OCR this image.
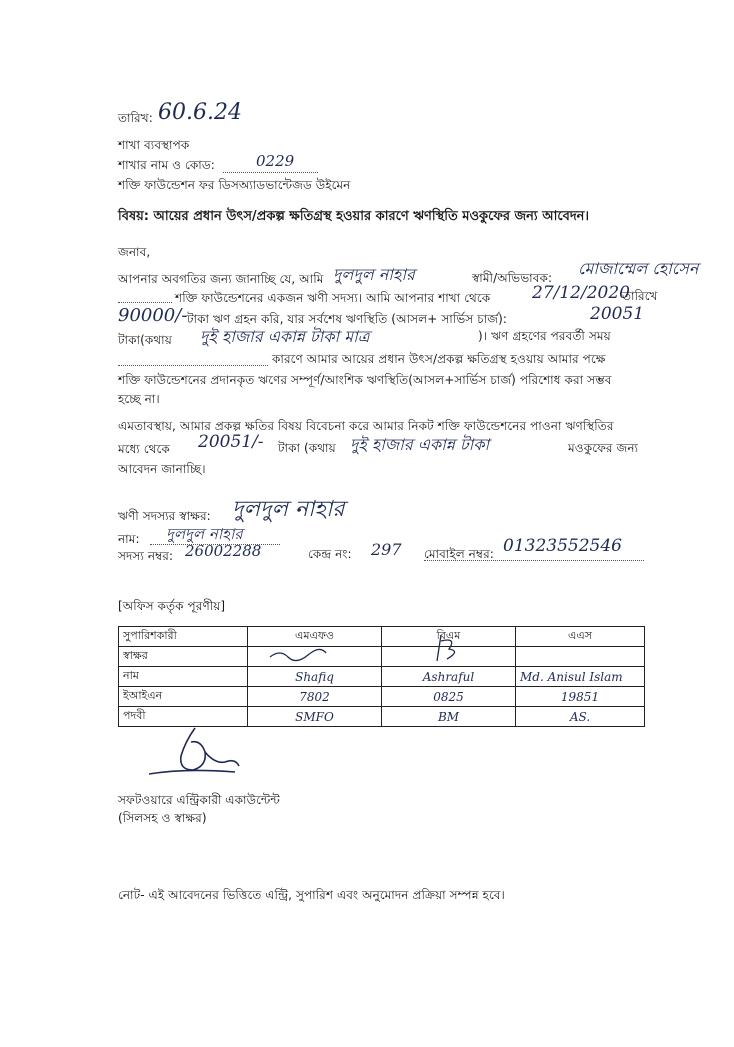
তারিখ: 60.6.24
শাখা ব্যবস্থাপক
শাখার নাম ও কোড:	0229
শক্তি ফাউন্ডেশন ফর ডিসঅ্যাডভান্টেজড উইমেন
বিষয়: আয়ের প্রধান উৎস/প্রকল্প ক্ষতিগ্রস্থ হওয়ার কারণে ঋণস্থিতি মওকুফের জন্য আবেদন।
জনাব,
আপনার অবগতির জন্য জানাচ্ছি যে, আমি দুলদুল নাহার	স্বামী/অভিভাবক: মোজাম্মেল হোসেন
শক্তি ফাউন্ডেশনের একজন ঋণী সদস্য। আমি আপনার শাখা থেকে 27/12/2020
তারিখে
90000/- টাকা ঋণ গ্রহন করি, যার সর্বশেষ ঋণস্থিতি (আসল+ সার্ভিস চার্জ):	20051
টাকা(কথায় দুই হাজার একান্ন টাকা মাত্র	)। ঋণ গ্রহণের পরবর্তী সময়
কারণে আমার আয়ের প্রধান উৎস/প্রকল্প ক্ষতিগ্রস্থ হওয়ায় আমার পক্ষে
শক্তি ফাউন্ডেশনের প্রদানকৃত ঋণের সম্পূর্ণ/আংশিক ঋণস্থিতি(আসল+সার্ভিস চার্জ) পরিশোধ করা সম্ভব
হচ্ছে না।
এমতাবস্থায়, আমার প্রকল্প ক্ষতির বিষয় বিবেচনা করে আমার নিকট শক্তি ফাউন্ডেশনের পাওনা ঋণস্থিতির
মধ্যে থেকে 20051/- টাকা (কথায় দুই হাজার একান্ন টাকা	মওকুফের জন্য
আবেদন জানাচ্ছি।
ঋণী সদস্যর স্বাক্ষর: দুলদুল নাহার
নাম: দুলদুল নাহার
সদস্য নম্বর: 26002288	কেন্দ্র নং: 297 মোবাইল নম্বর: 01323552546
[অফিস কর্তৃক পূরণীয়]
সুপারিশকারী	এমএফও	বিএম	এএস
স্বাক্ষর	

নাম	Shafiq	Ashraful	Md. Anisul Islam
ইআইএন	7802	0825	19851
পদবী	SMFO	BM	AS.
সফটওয়ারে এন্ট্রিকারী একাউন্টেন্ট
(সিলসহ ও স্বাক্ষর)
নোট- এই আবেদনের ভিত্তিতে এন্ট্রি, সুপারিশ এবং অনুমোদন প্রক্রিয়া সম্পন্ন হবে।
